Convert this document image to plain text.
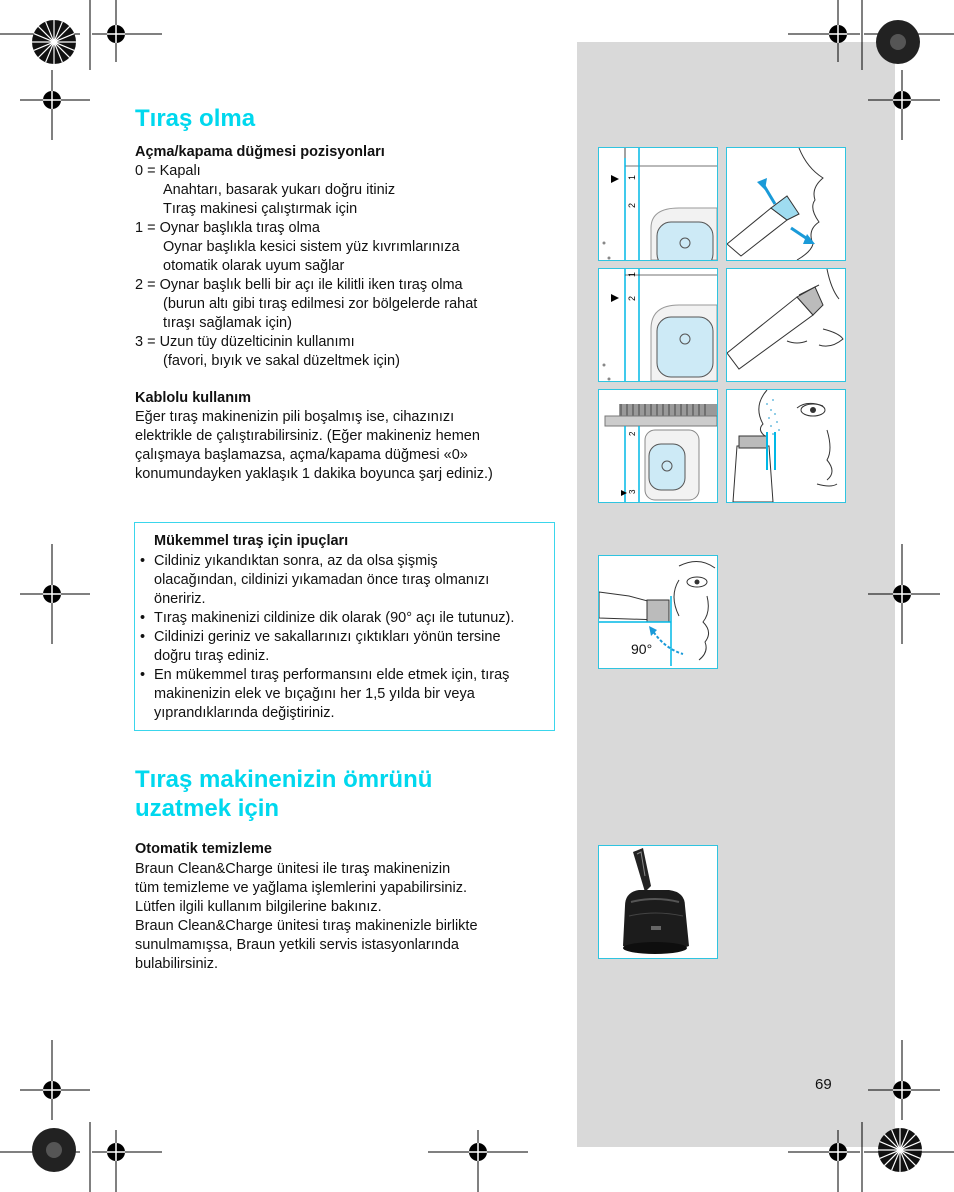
Tıraş olma
Açma/kapama düğmesi pozisyonları
0 = Kapalı
Anahtarı, basarak yukarı doğru itiniz
Tıraş makinesi çalıştırmak için
1 = Oynar başlıkla tıraş olma
Oynar başlıkla kesici sistem yüz kıvrımlarınıza
otomatik olarak uyum sağlar
2 = Oynar başlık belli bir açı ile kilitli iken tıraş olma
(burun altı gibi tıraş edilmesi zor bölgelerde rahat
tıraşı sağlamak için)
3 = Uzun tüy düzelticinin kullanımı
(favori, bıyık ve sakal düzeltmek için)
Kablolu kullanım
Eğer tıraş makinenizin pili boşalmış ise, cihazınızı
elektrikle de çalıştırabilirsiniz. (Eğer makineniz hemen
çalışmaya başlamazsa, açma/kapama düğmesi «0»
konumundayken yaklaşık 1 dakika boyunca şarj ediniz.)
Mükemmel tıraş için ipuçları
• Cildiniz yıkandıktan sonra, az da olsa şişmiş
olacağından, cildinizi yıkamadan önce tıraş olmanızı
öneririz.
• Tıraş makinenizi cildinize dik olarak (90° açı ile tutunuz).
• Cildinizi geriniz ve sakallarınızı çıktıkları yönün tersine
doğru tıraş ediniz.
• En mükemmel tıraş performansını elde etmek için, tıraş
makinenizin elek ve bıçağını her 1,5 yılda bir veya
yıprandıklarında değiştiriniz.
Tıraş makinenizin ömrünü
uzatmek için
Otomatik temizleme
Braun Clean&Charge ünitesi ile tıraş makinenizin
tüm temizleme ve yağlama işlemlerini yapabilirsiniz.
Lütfen ilgili kullanım bilgilerine bakınız.
Braun Clean&Charge ünitesi tıraş makinenizle birlikte
sunulmamışsa, Braun yetkili servis istasyonlarında
bulabilirsiniz.
1
2
1
2
2
3
90°
69
